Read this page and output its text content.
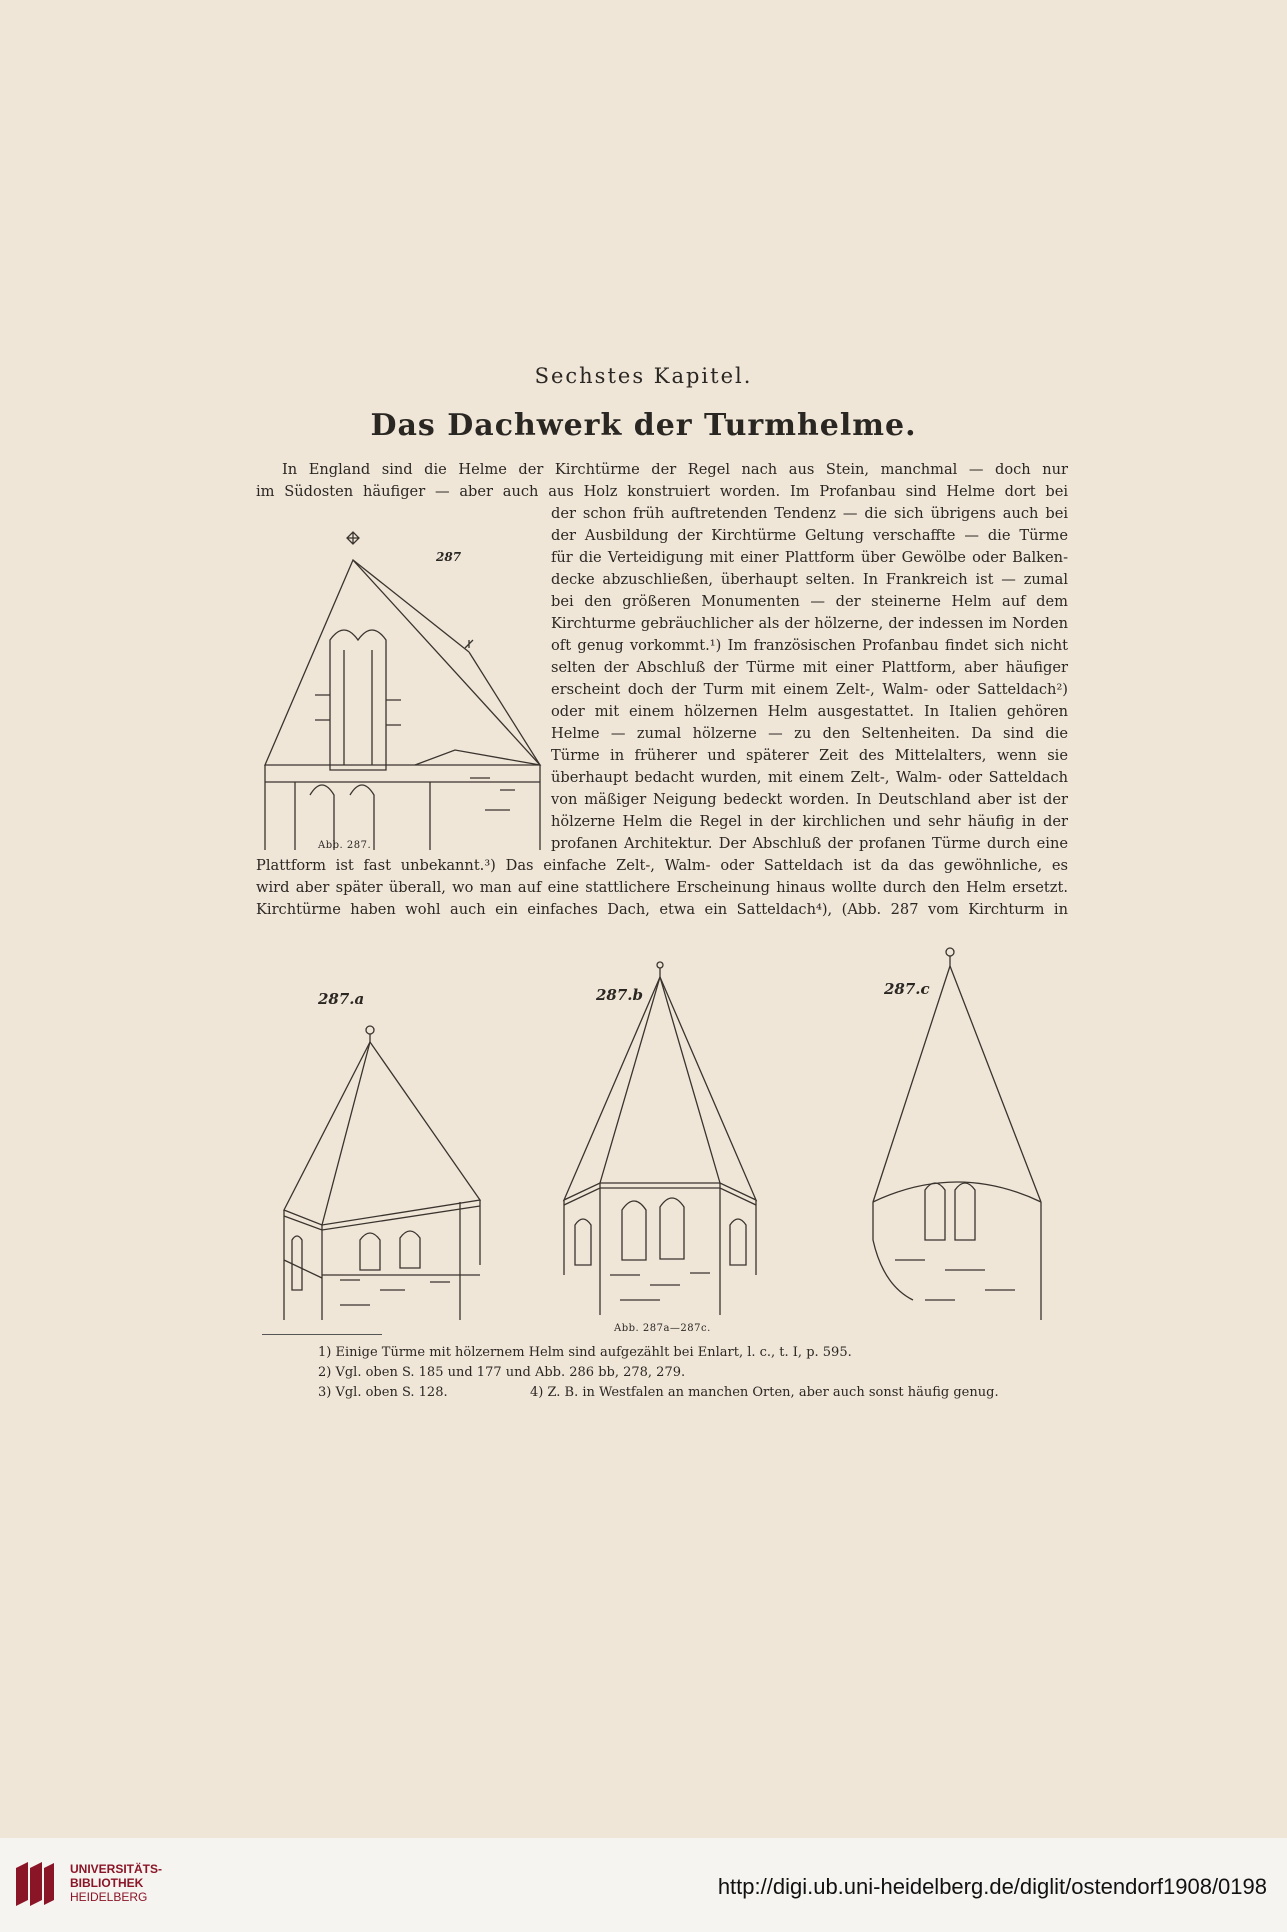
Sechstes Kapitel.
Das Dachwerk der Turmhelme.
In England sind die Helme der Kirchtürme der Regel nach aus Stein, manchmal — doch nur
im Südosten häufiger — aber auch aus Holz konstruiert worden. Im Profanbau sind Helme dort bei
der schon früh auftretenden Tendenz — die sich übrigens auch bei
der Ausbildung der Kirchtürme Geltung verschaffte — die Türme
für die Verteidigung mit einer Plattform über Gewölbe oder Balken-
decke abzuschließen, überhaupt selten. In Frankreich ist — zumal
bei den größeren Monumenten — der steinerne Helm auf dem
Kirchturme gebräuchlicher als der hölzerne, der indessen im Norden
oft genug vorkommt.¹) Im französischen Profanbau findet sich nicht
selten der Abschluß der Türme mit einer Plattform, aber häufiger
erscheint doch der Turm mit einem Zelt-, Walm- oder Satteldach²)
oder mit einem hölzernen Helm ausgestattet. In Italien gehören
Helme — zumal hölzerne — zu den Seltenheiten. Da sind die
Türme in früherer und späterer Zeit des Mittelalters, wenn sie
überhaupt bedacht wurden, mit einem Zelt-, Walm- oder Satteldach
von mäßiger Neigung bedeckt worden. In Deutschland aber ist der
hölzerne Helm die Regel in der kirchlichen und sehr häufig in der
profanen Architektur. Der Abschluß der profanen Türme durch eine
Plattform ist fast unbekannt.³) Das einfache Zelt-, Walm- oder Satteldach ist da das gewöhnliche, es
wird aber später überall, wo man auf eine stattlichere Erscheinung hinaus wollte durch den Helm ersetzt.
Kirchtürme haben wohl auch ein einfaches Dach, etwa ein Satteldach⁴), (Abb. 287 vom Kirchturm in
287
Abb. 287.
287.a	287.b	287.c
Abb. 287a—287c.
1) Einige Türme mit hölzernem Helm sind aufgezählt bei Enlart, l. c., t. I, p. 595.
2) Vgl. oben S. 185 und 177 und Abb. 286 bb, 278, 279.
3) Vgl. oben S. 128.	4) Z. B. in Westfalen an manchen Orten, aber auch sonst häufig genug.
UNIVERSITÄTS-
BIBLIOTHEK
HEIDELBERG	http://digi.ub.uni-heidelberg.de/diglit/ostendorf1908/0198
